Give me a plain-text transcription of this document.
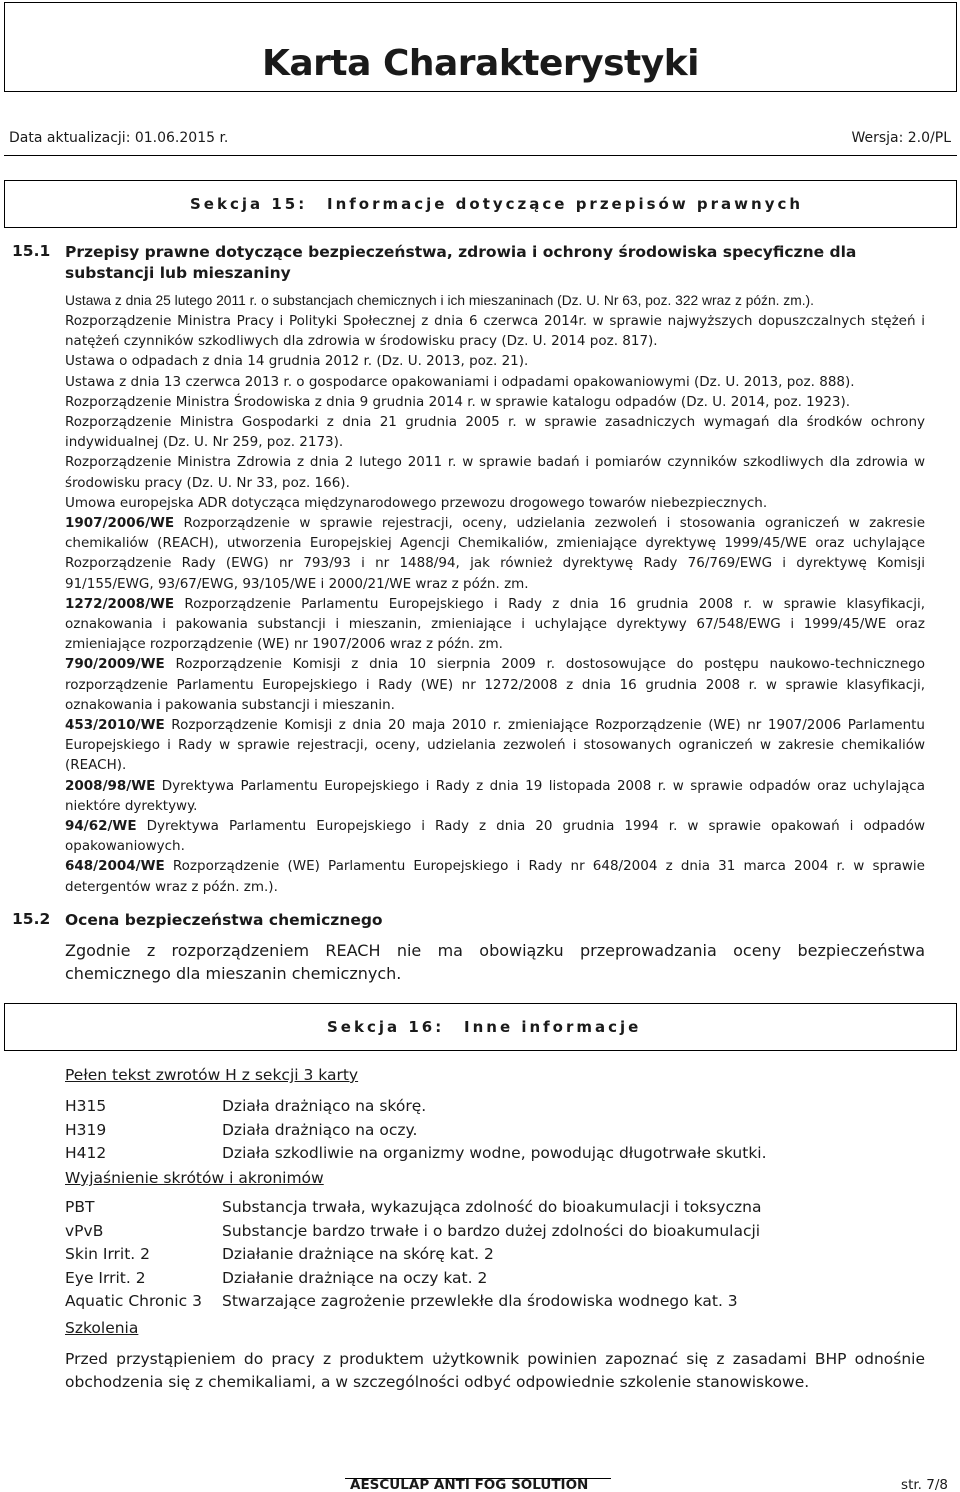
Karta Charakterystyki
Data aktualizacji: 01.06.2015 r.	Wersja: 2.0/PL
Sekcja 15: Informacje dotyczące przepisów prawnych
15.1 Przepisy prawne dotyczące bezpieczeństwa, zdrowia i ochrony środowiska specyficzne dla substancji lub mieszaniny
Ustawa z dnia 25 lutego 2011 r. o substancjach chemicznych i ich mieszaninach (Dz. U. Nr 63, poz. 322 wraz z późn. zm.).
Rozporządzenie Ministra Pracy i Polityki Społecznej z dnia 6 czerwca 2014r. w sprawie najwyższych dopuszczalnych stężeń i natężeń czynników szkodliwych dla zdrowia w środowisku pracy (Dz. U. 2014 poz. 817).
Ustawa o odpadach z dnia 14 grudnia 2012 r. (Dz. U. 2013, poz. 21).
Ustawa z dnia 13 czerwca 2013 r. o gospodarce opakowaniami i odpadami opakowaniowymi (Dz. U. 2013, poz. 888).
Rozporządzenie Ministra Środowiska z dnia 9 grudnia 2014 r. w sprawie katalogu odpadów (Dz. U. 2014, poz. 1923).
Rozporządzenie Ministra Gospodarki z dnia 21 grudnia 2005 r. w sprawie zasadniczych wymagań dla środków ochrony indywidualnej (Dz. U. Nr 259, poz. 2173).
Rozporządzenie Ministra Zdrowia z dnia 2 lutego 2011 r. w sprawie badań i pomiarów czynników szkodliwych dla zdrowia w środowisku pracy (Dz. U. Nr 33, poz. 166).
Umowa europejska ADR dotycząca międzynarodowego przewozu drogowego towarów niebezpiecznych.
1907/2006/WE Rozporządzenie w sprawie rejestracji, oceny, udzielania zezwoleń i stosowania ograniczeń w zakresie chemikaliów (REACH), utworzenia Europejskiej Agencji Chemikaliów, zmieniające dyrektywę 1999/45/WE oraz uchylające Rozporządzenie Rady (EWG) nr 793/93 i nr 1488/94, jak również dyrektywę Rady 76/769/EWG i dyrektywę Komisji 91/155/EWG, 93/67/EWG, 93/105/WE i 2000/21/WE wraz z późn. zm.
1272/2008/WE Rozporządzenie Parlamentu Europejskiego i Rady z dnia 16 grudnia 2008 r. w sprawie klasyfikacji, oznakowania i pakowania substancji i mieszanin, zmieniające i uchylające dyrektywy 67/548/EWG i 1999/45/WE oraz zmieniające rozporządzenie (WE) nr 1907/2006 wraz z późn. zm.
790/2009/WE Rozporządzenie Komisji z dnia 10 sierpnia 2009 r. dostosowujące do postępu naukowo-technicznego rozporządzenie Parlamentu Europejskiego i Rady (WE) nr 1272/2008 z dnia 16 grudnia 2008 r. w sprawie klasyfikacji, oznakowania i pakowania substancji i mieszanin.
453/2010/WE Rozporządzenie Komisji z dnia 20 maja 2010 r. zmieniające Rozporządzenie (WE) nr 1907/2006 Parlamentu Europejskiego i Rady w sprawie rejestracji, oceny, udzielania zezwoleń i stosowanych ograniczeń w zakresie chemikaliów (REACH).
2008/98/WE Dyrektywa Parlamentu Europejskiego i Rady z dnia 19 listopada 2008 r. w sprawie odpadów oraz uchylająca niektóre dyrektywy.
94/62/WE Dyrektywa Parlamentu Europejskiego i Rady z dnia 20 grudnia 1994 r. w sprawie opakowań i odpadów opakowaniowych.
648/2004/WE Rozporządzenie (WE) Parlamentu Europejskiego i Rady nr 648/2004 z dnia 31 marca 2004 r. w sprawie detergentów wraz z późn. zm.).
15.2 Ocena bezpieczeństwa chemicznego
Zgodnie z rozporządzeniem REACH nie ma obowiązku przeprowadzania oceny bezpieczeństwa chemicznego dla mieszanin chemicznych.
Sekcja 16: Inne informacje
Pełen tekst zwrotów H z sekcji 3 karty
H315	Działa drażniąco na skórę.
H319	Działa drażniąco na oczy.
H412	Działa szkodliwie na organizmy wodne, powodując długotrwałe skutki.
Wyjaśnienie skrótów i akronimów
PBT	Substancja trwała, wykazująca zdolność do bioakumulacji i toksyczna
vPvB	Substancje bardzo trwałe i o bardzo dużej zdolności do bioakumulacji
Skin Irrit. 2	Działanie drażniące na skórę kat. 2
Eye Irrit. 2	Działanie drażniące na oczy kat. 2
Aquatic Chronic 3 Stwarzające zagrożenie przewlekłe dla środowiska wodnego kat. 3
Szkolenia
Przed przystąpieniem do pracy z produktem użytkownik powinien zapoznać się z zasadami BHP odnośnie obchodzenia się z chemikaliami, a w szczególności odbyć odpowiednie szkolenie stanowiskowe.
AESCULAP ANTI FOG SOLUTION	str. 7/8
